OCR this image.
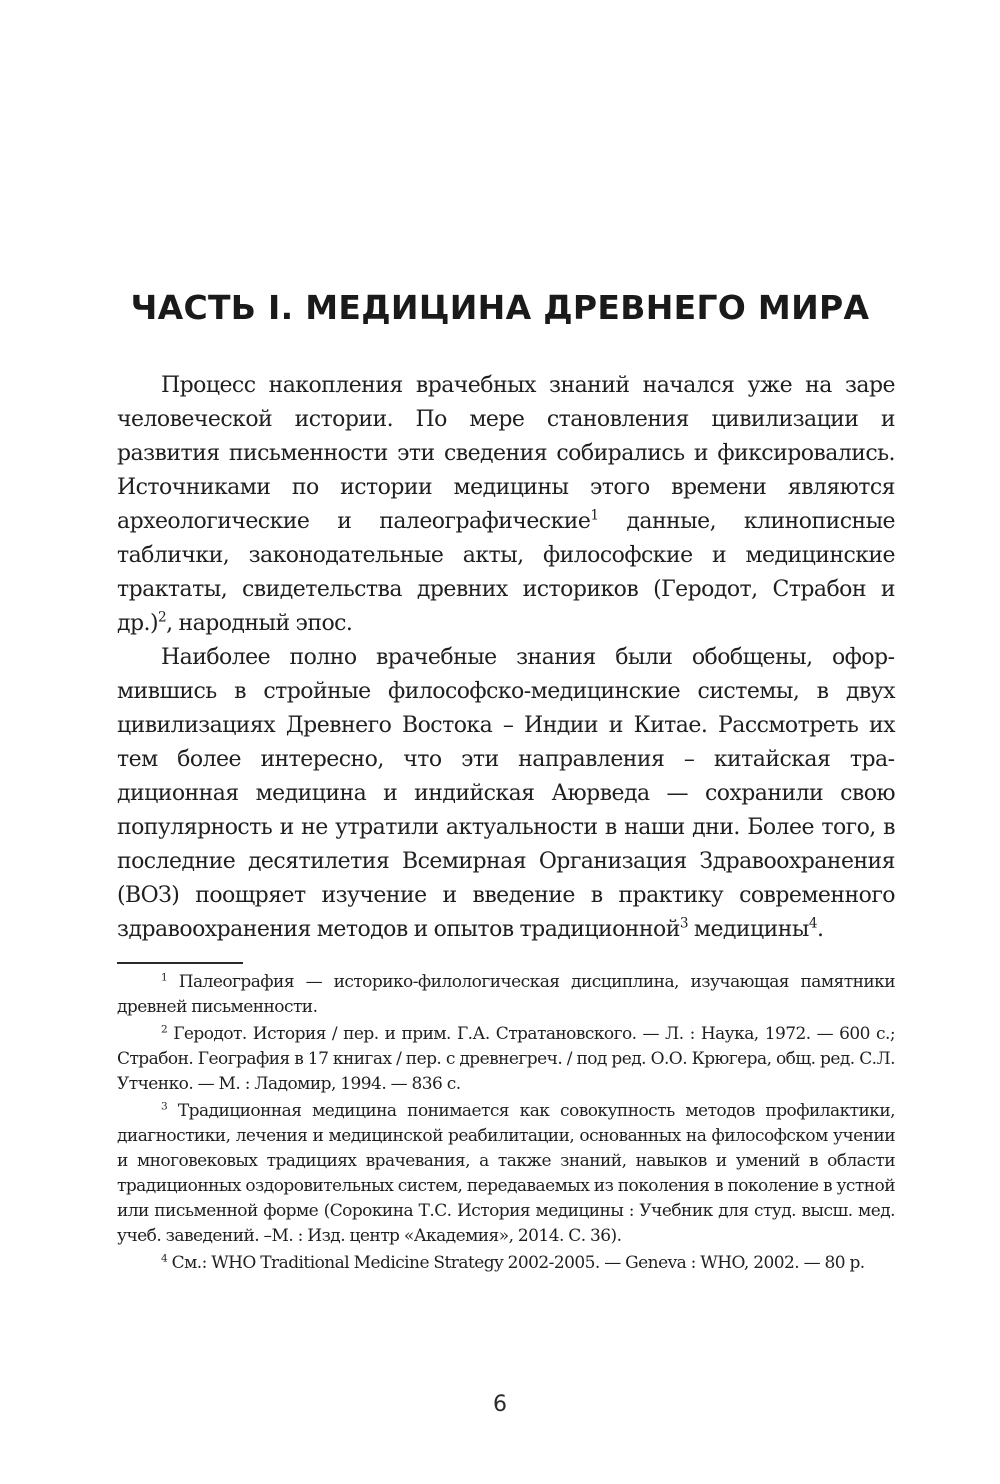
ЧАСТЬ I. МЕДИЦИНА ДРЕВНЕГО МИРА

Процесс накопления врачебных знаний начался уже на заре человеческой истории. По мере становления цивилизации и развития письменности эти сведения собирались и фиксировались. Источниками по истории медицины этого времени являются археологические и палеографические$^1$ данные, клинописные таблички, законодательные акты, философские и медицинские трактаты, свидетельства древних историков (Геродот, Страбон и др.)$^2$, народный эпос.

Наиболее полно врачебные знания были обобщены, оформившись в стройные философско-медицинские системы, в двух цивилизациях Древнего Востока – Индии и Китае. Рассмотреть их тем более интересно, что эти направления – китайская традиционная медицина и индийская Аюрведа — сохранили свою популярность и не утратили актуальности в наши дни. Более того, в последние десятилетия Всемирная Организация Здравоохранения (ВОЗ) поощряет изучение и введение в практику современного здравоохранения методов и опытов традиционной$^3$ медицины$^4$.

$^1$ Палеография — историко-филологическая дисциплина, изучающая памятники древней письменности.

$^2$ Геродот. История / пер. и прим. Г.А. Стратановского. — Л. : Наука, 1972. — 600 с.; Страбон. География в 17 книгах / пер. с древнегреч. / под ред. О.О. Крюгера, общ. ред. С.Л. Утченко. — М. : Ладомир, 1994. — 836 с.

$^3$ Традиционная медицина понимается как совокупность методов профилактики, диагностики, лечения и медицинской реабилитации, основанных на философском учении и многовековых традициях врачевания, а также знаний, навыков и умений в области традиционных оздоровительных систем, передаваемых из поколения в поколение в устной или письменной форме (Сорокина Т.С. История медицины : Учебник для студ. высш. мед. учеб. заведений. –М. : Изд. центр «Академия», 2014. С. 36).

$^4$ См.: WHO Traditional Medicine Strategy 2002-2005. — Geneva : WHO, 2002. — 80 p.

6
